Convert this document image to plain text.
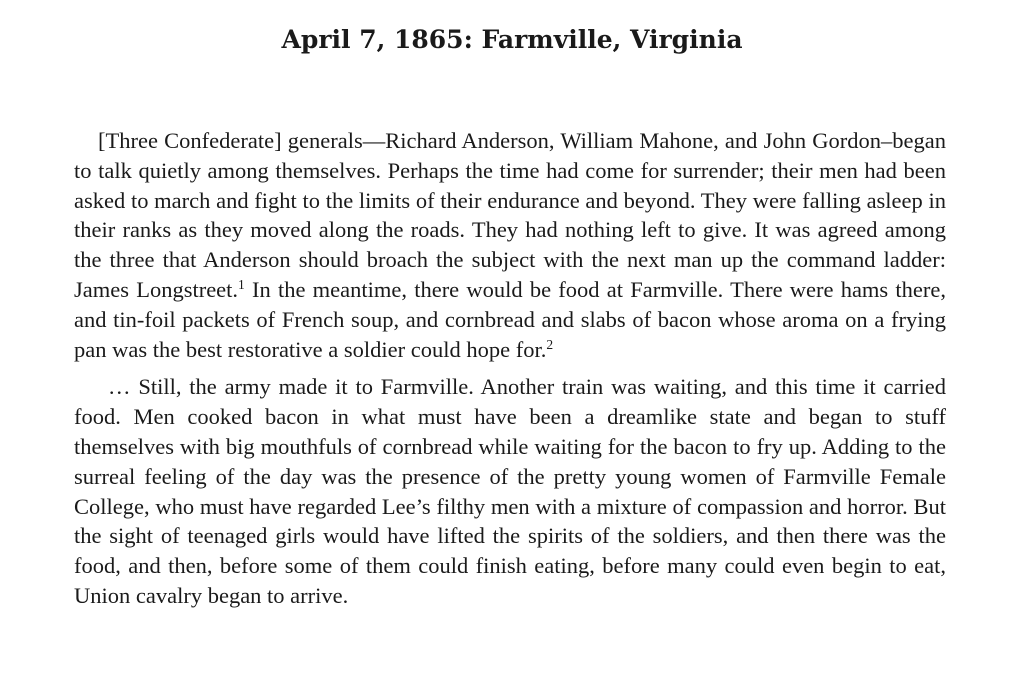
April 7, 1865: Farmville, Virginia

[Three Confederate] generals—Richard Anderson, William Mahone, and John Gordon–began to talk quietly among themselves. Perhaps the time had come for surrender; their men had been asked to march and fight to the limits of their endurance and beyond. They were falling asleep in their ranks as they moved along the roads. They had nothing left to give. It was agreed among the three that Anderson should broach the subject with the next man up the command ladder: James Longstreet.$^1$ In the meantime, there would be food at Farmville. There were hams there, and tin-foil packets of French soup, and cornbread and slabs of bacon whose aroma on a frying pan was the best restorative a soldier could hope for.$^2$

… Still, the army made it to Farmville. Another train was waiting, and this time it carried food. Men cooked bacon in what must have been a dreamlike state and began to stuff themselves with big mouthfuls of cornbread while waiting for the bacon to fry up. Adding to the surreal feeling of the day was the presence of the pretty young women of Farmville Female College, who must have regarded Lee’s filthy men with a mixture of compassion and horror. But the sight of teenaged girls would have lifted the spirits of the soldiers, and then there was the food, and then, before some of them could finish eating, before many could even begin to eat, Union cavalry began to arrive.
